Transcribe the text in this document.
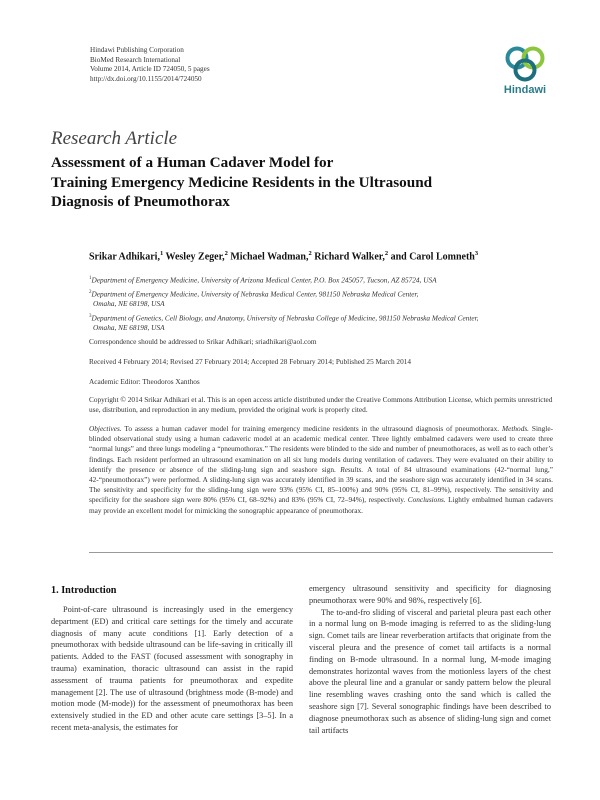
Hindawi Publishing Corporation
BioMed Research International
Volume 2014, Article ID 724050, 5 pages
http://dx.doi.org/10.1155/2014/724050
Hindawi
Research Article
Assessment of a Human Cadaver Model for
Training Emergency Medicine Residents in the Ultrasound
Diagnosis of Pneumothorax
Srikar Adhikari,$^1$ Wesley Zeger,$^2$ Michael Wadman,$^2$ Richard Walker,$^2$ and Carol Lomneth$^3$
$^1$Department of Emergency Medicine, University of Arizona Medical Center, P.O. Box 245057, Tucson, AZ 85724, USA
$^2$Department of Emergency Medicine, University of Nebraska Medical Center, 981150 Nebraska Medical Center,
Omaha, NE 68198, USA
$^3$Department of Genetics, Cell Biology, and Anatomy, University of Nebraska College of Medicine, 981150 Nebraska Medical Center,
Omaha, NE 68198, USA
Correspondence should be addressed to Srikar Adhikari; sriadhikari@aol.com
Received 4 February 2014; Revised 27 February 2014; Accepted 28 February 2014; Published 25 March 2014
Academic Editor: Theodoros Xanthos
Copyright © 2014 Srikar Adhikari et al. This is an open access article distributed under the Creative Commons Attribution License, which permits unrestricted use, distribution, and reproduction in any medium, provided the original work is properly cited.
Objectives. To assess a human cadaver model for training emergency medicine residents in the ultrasound diagnosis of pneumothorax. Methods. Single-blinded observational study using a human cadaveric model at an academic medical center. Three lightly embalmed cadavers were used to create three “normal lungs” and three lungs modeling a “pneumothorax.” The residents were blinded to the side and number of pneumothoraces, as well as to each other’s findings. Each resident performed an ultrasound examination on all six lung models during ventilation of cadavers. They were evaluated on their ability to identify the presence or absence of the sliding-lung sign and seashore sign. Results. A total of 84 ultrasound examinations (42-“normal lung,” 42-“pneumothorax”) were performed. A sliding-lung sign was accurately identified in 39 scans, and the seashore sign was accurately identified in 34 scans. The sensitivity and specificity for the sliding-lung sign were 93% (95% CI, 85–100%) and 90% (95% CI, 81–99%), respectively. The sensitivity and specificity for the seashore sign were 80% (95% CI, 68–92%) and 83% (95% CI, 72–94%), respectively. Conclusions. Lightly embalmed human cadavers may provide an excellent model for mimicking the sonographic appearance of pneumothorax.
1. Introduction

Point-of-care ultrasound is increasingly used in the emergency department (ED) and critical care settings for the timely and accurate diagnosis of many acute conditions [1]. Early detection of a pneumothorax with bedside ultrasound can be life-saving in critically ill patients. Added to the FAST (focused assessment with sonography in trauma) examination, thoracic ultrasound can assist in the rapid assessment of trauma patients for pneumothorax and expedite management [2]. The use of ultrasound (brightness mode (B-mode) and motion mode (M-mode)) for the assessment of pneumothorax has been extensively studied in the ED and other acute care settings [3–5]. In a recent meta-analysis, the estimates for

emergency ultrasound sensitivity and specificity for diagnosing pneumothorax were 90% and 98%, respectively [6].

The to-and-fro sliding of visceral and parietal pleura past each other in a normal lung on B-mode imaging is referred to as the sliding-lung sign. Comet tails are linear reverberation artifacts that originate from the visceral pleura and the presence of comet tail artifacts is a normal finding on B-mode ultrasound. In a normal lung, M-mode imaging demonstrates horizontal waves from the motionless layers of the chest above the pleural line and a granular or sandy pattern below the pleural line resembling waves crashing onto the sand which is called the seashore sign [7]. Several sonographic findings have been described to diagnose pneumothorax such as absence of sliding-lung sign and comet tail artifacts
